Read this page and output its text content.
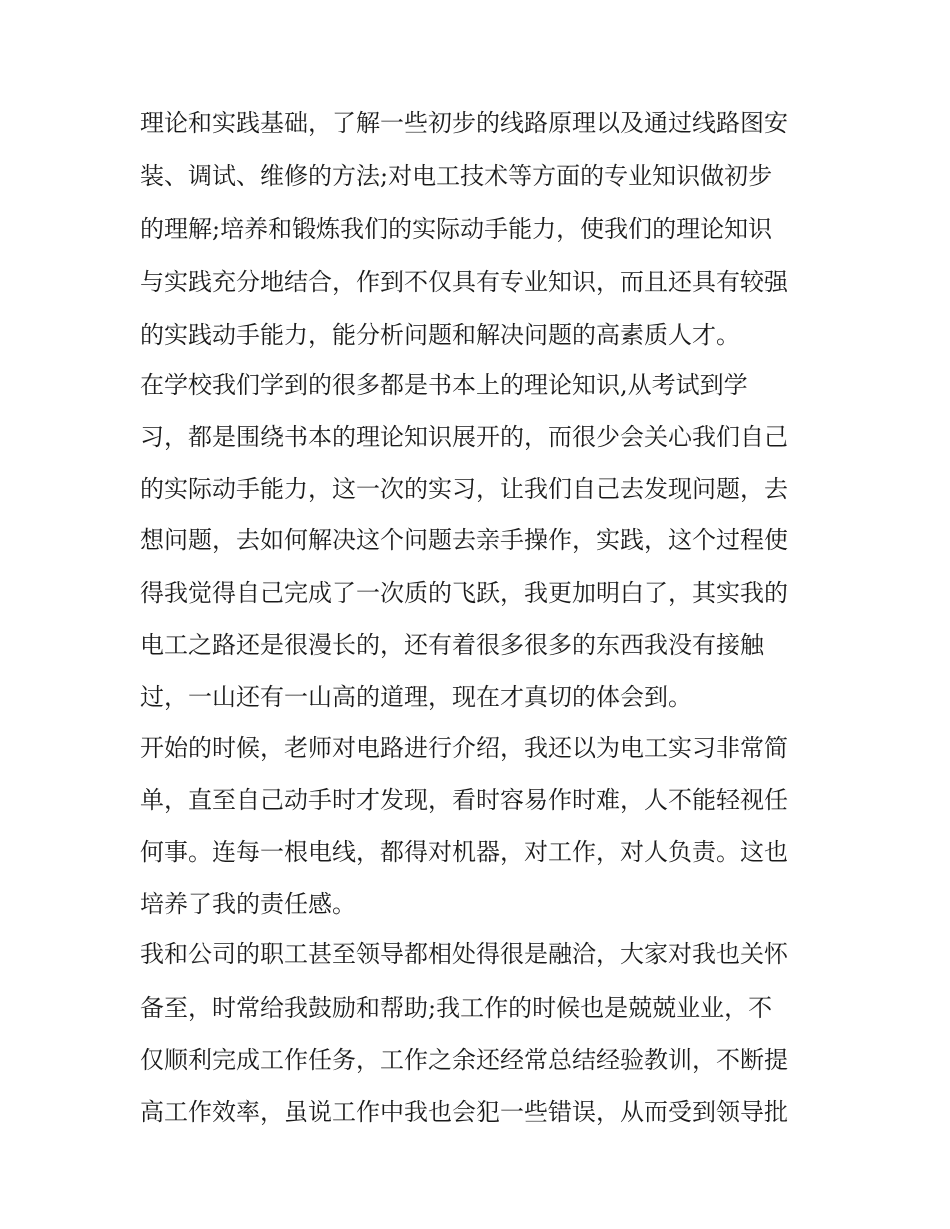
理论和实践基础，了解一些初步的线路原理以及通过线路图安
装、调试、维修的方法;对电工技术等方面的专业知识做初步
的理解;培养和锻炼我们的实际动手能力，使我们的理论知识
与实践充分地结合，作到不仅具有专业知识，而且还具有较强
的实践动手能力，能分析问题和解决问题的高素质人才。
在学校我们学到的很多都是书本上的理论知识,从考试到学
习，都是围绕书本的理论知识展开的，而很少会关心我们自己
的实际动手能力，这一次的实习，让我们自己去发现问题，去
想问题，去如何解决这个问题去亲手操作，实践，这个过程使
得我觉得自己完成了一次质的飞跃，我更加明白了，其实我的
电工之路还是很漫长的，还有着很多很多的东西我没有接触
过，一山还有一山高的道理，现在才真切的体会到。
开始的时候，老师对电路进行介绍，我还以为电工实习非常简
单，直至自己动手时才发现，看时容易作时难，人不能轻视任
何事。连每一根电线，都得对机器，对工作，对人负责。这也
培养了我的责任感。
我和公司的职工甚至领导都相处得很是融洽，大家对我也关怀
备至，时常给我鼓励和帮助;我工作的时候也是兢兢业业，不
仅顺利完成工作任务，工作之余还经常总结经验教训，不断提
高工作效率，虽说工作中我也会犯一些错误，从而受到领导批
